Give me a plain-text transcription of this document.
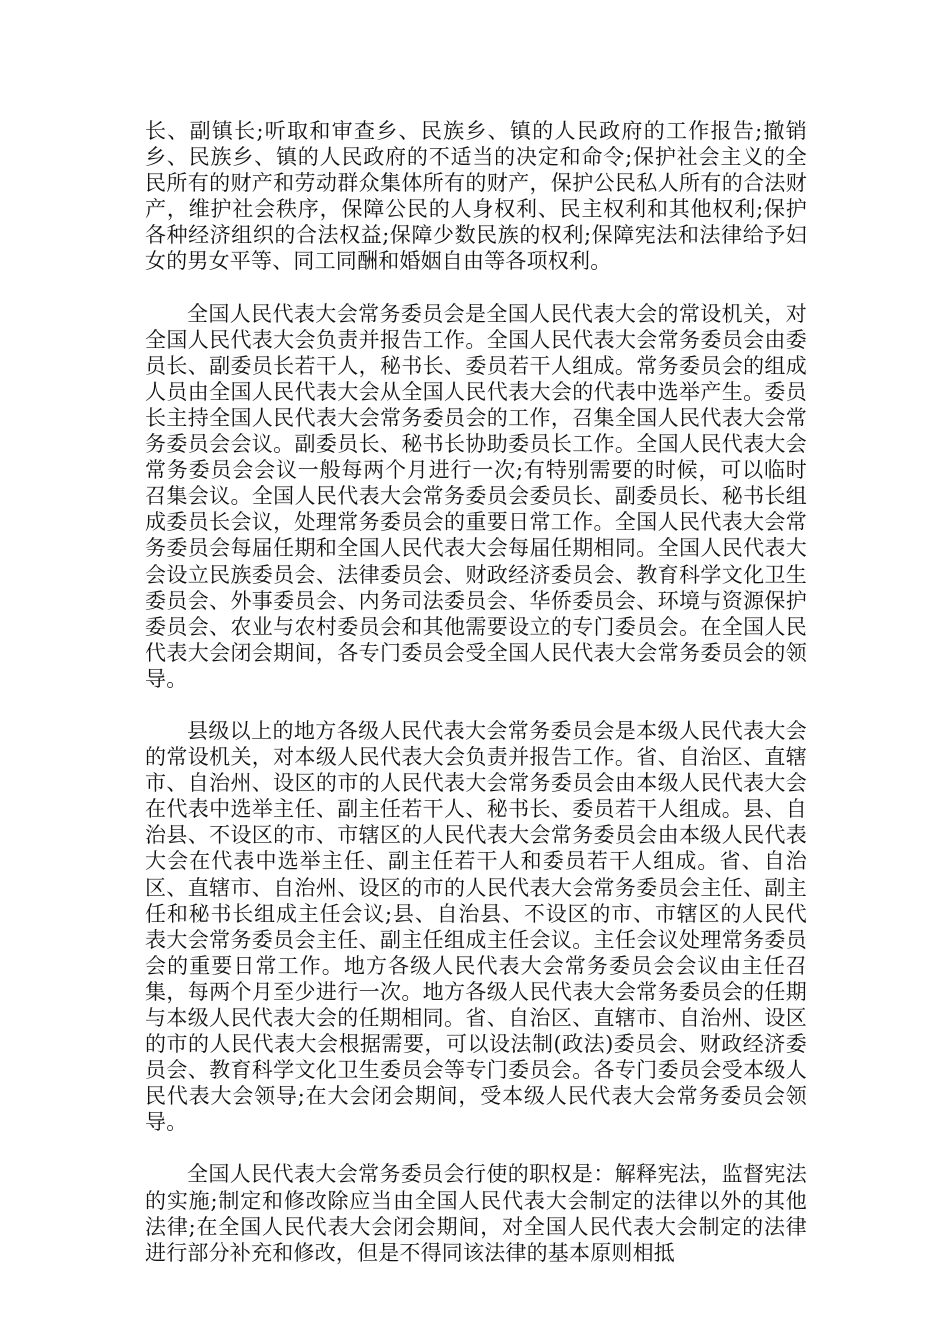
长、副镇长;听取和审查乡、民族乡、镇的人民政府的工作报告;撤销乡、民族乡、镇的人民政府的不适当的决定和命令;保护社会主义的全民所有的财产和劳动群众集体所有的财产，保护公民私人所有的合法财产，维护社会秩序，保障公民的人身权利、民主权利和其他权利;保护各种经济组织的合法权益;保障少数民族的权利;保障宪法和法律给予妇女的男女平等、同工同酬和婚姻自由等各项权利。

全国人民代表大会常务委员会是全国人民代表大会的常设机关，对全国人民代表大会负责并报告工作。全国人民代表大会常务委员会由委员长、副委员长若干人，秘书长、委员若干人组成。常务委员会的组成人员由全国人民代表大会从全国人民代表大会的代表中选举产生。委员长主持全国人民代表大会常务委员会的工作，召集全国人民代表大会常务委员会会议。副委员长、秘书长协助委员长工作。全国人民代表大会常务委员会会议一般每两个月进行一次;有特别需要的时候，可以临时召集会议。全国人民代表大会常务委员会委员长、副委员长、秘书长组成委员长会议，处理常务委员会的重要日常工作。全国人民代表大会常务委员会每届任期和全国人民代表大会每届任期相同。全国人民代表大会设立民族委员会、法律委员会、财政经济委员会、教育科学文化卫生委员会、外事委员会、内务司法委员会、华侨委员会、环境与资源保护委员会、农业与农村委员会和其他需要设立的专门委员会。在全国人民代表大会闭会期间，各专门委员会受全国人民代表大会常务委员会的领导。

县级以上的地方各级人民代表大会常务委员会是本级人民代表大会的常设机关，对本级人民代表大会负责并报告工作。省、自治区、直辖市、自治州、设区的市的人民代表大会常务委员会由本级人民代表大会在代表中选举主任、副主任若干人、秘书长、委员若干人组成。县、自治县、不设区的市、市辖区的人民代表大会常务委员会由本级人民代表大会在代表中选举主任、副主任若干人和委员若干人组成。省、自治区、直辖市、自治州、设区的市的人民代表大会常务委员会主任、副主任和秘书长组成主任会议;县、自治县、不设区的市、市辖区的人民代表大会常务委员会主任、副主任组成主任会议。主任会议处理常务委员会的重要日常工作。地方各级人民代表大会常务委员会会议由主任召集，每两个月至少进行一次。地方各级人民代表大会常务委员会的任期与本级人民代表大会的任期相同。省、自治区、直辖市、自治州、设区的市的人民代表大会根据需要，可以设法制(政法)委员会、财政经济委员会、教育科学文化卫生委员会等专门委员会。各专门委员会受本级人民代表大会领导;在大会闭会期间，受本级人民代表大会常务委员会领导。

全国人民代表大会常务委员会行使的职权是：解释宪法，监督宪法的实施;制定和修改除应当由全国人民代表大会制定的法律以外的其他法律;在全国人民代表大会闭会期间，对全国人民代表大会制定的法律进行部分补充和修改，但是不得同该法律的基本原则相抵
